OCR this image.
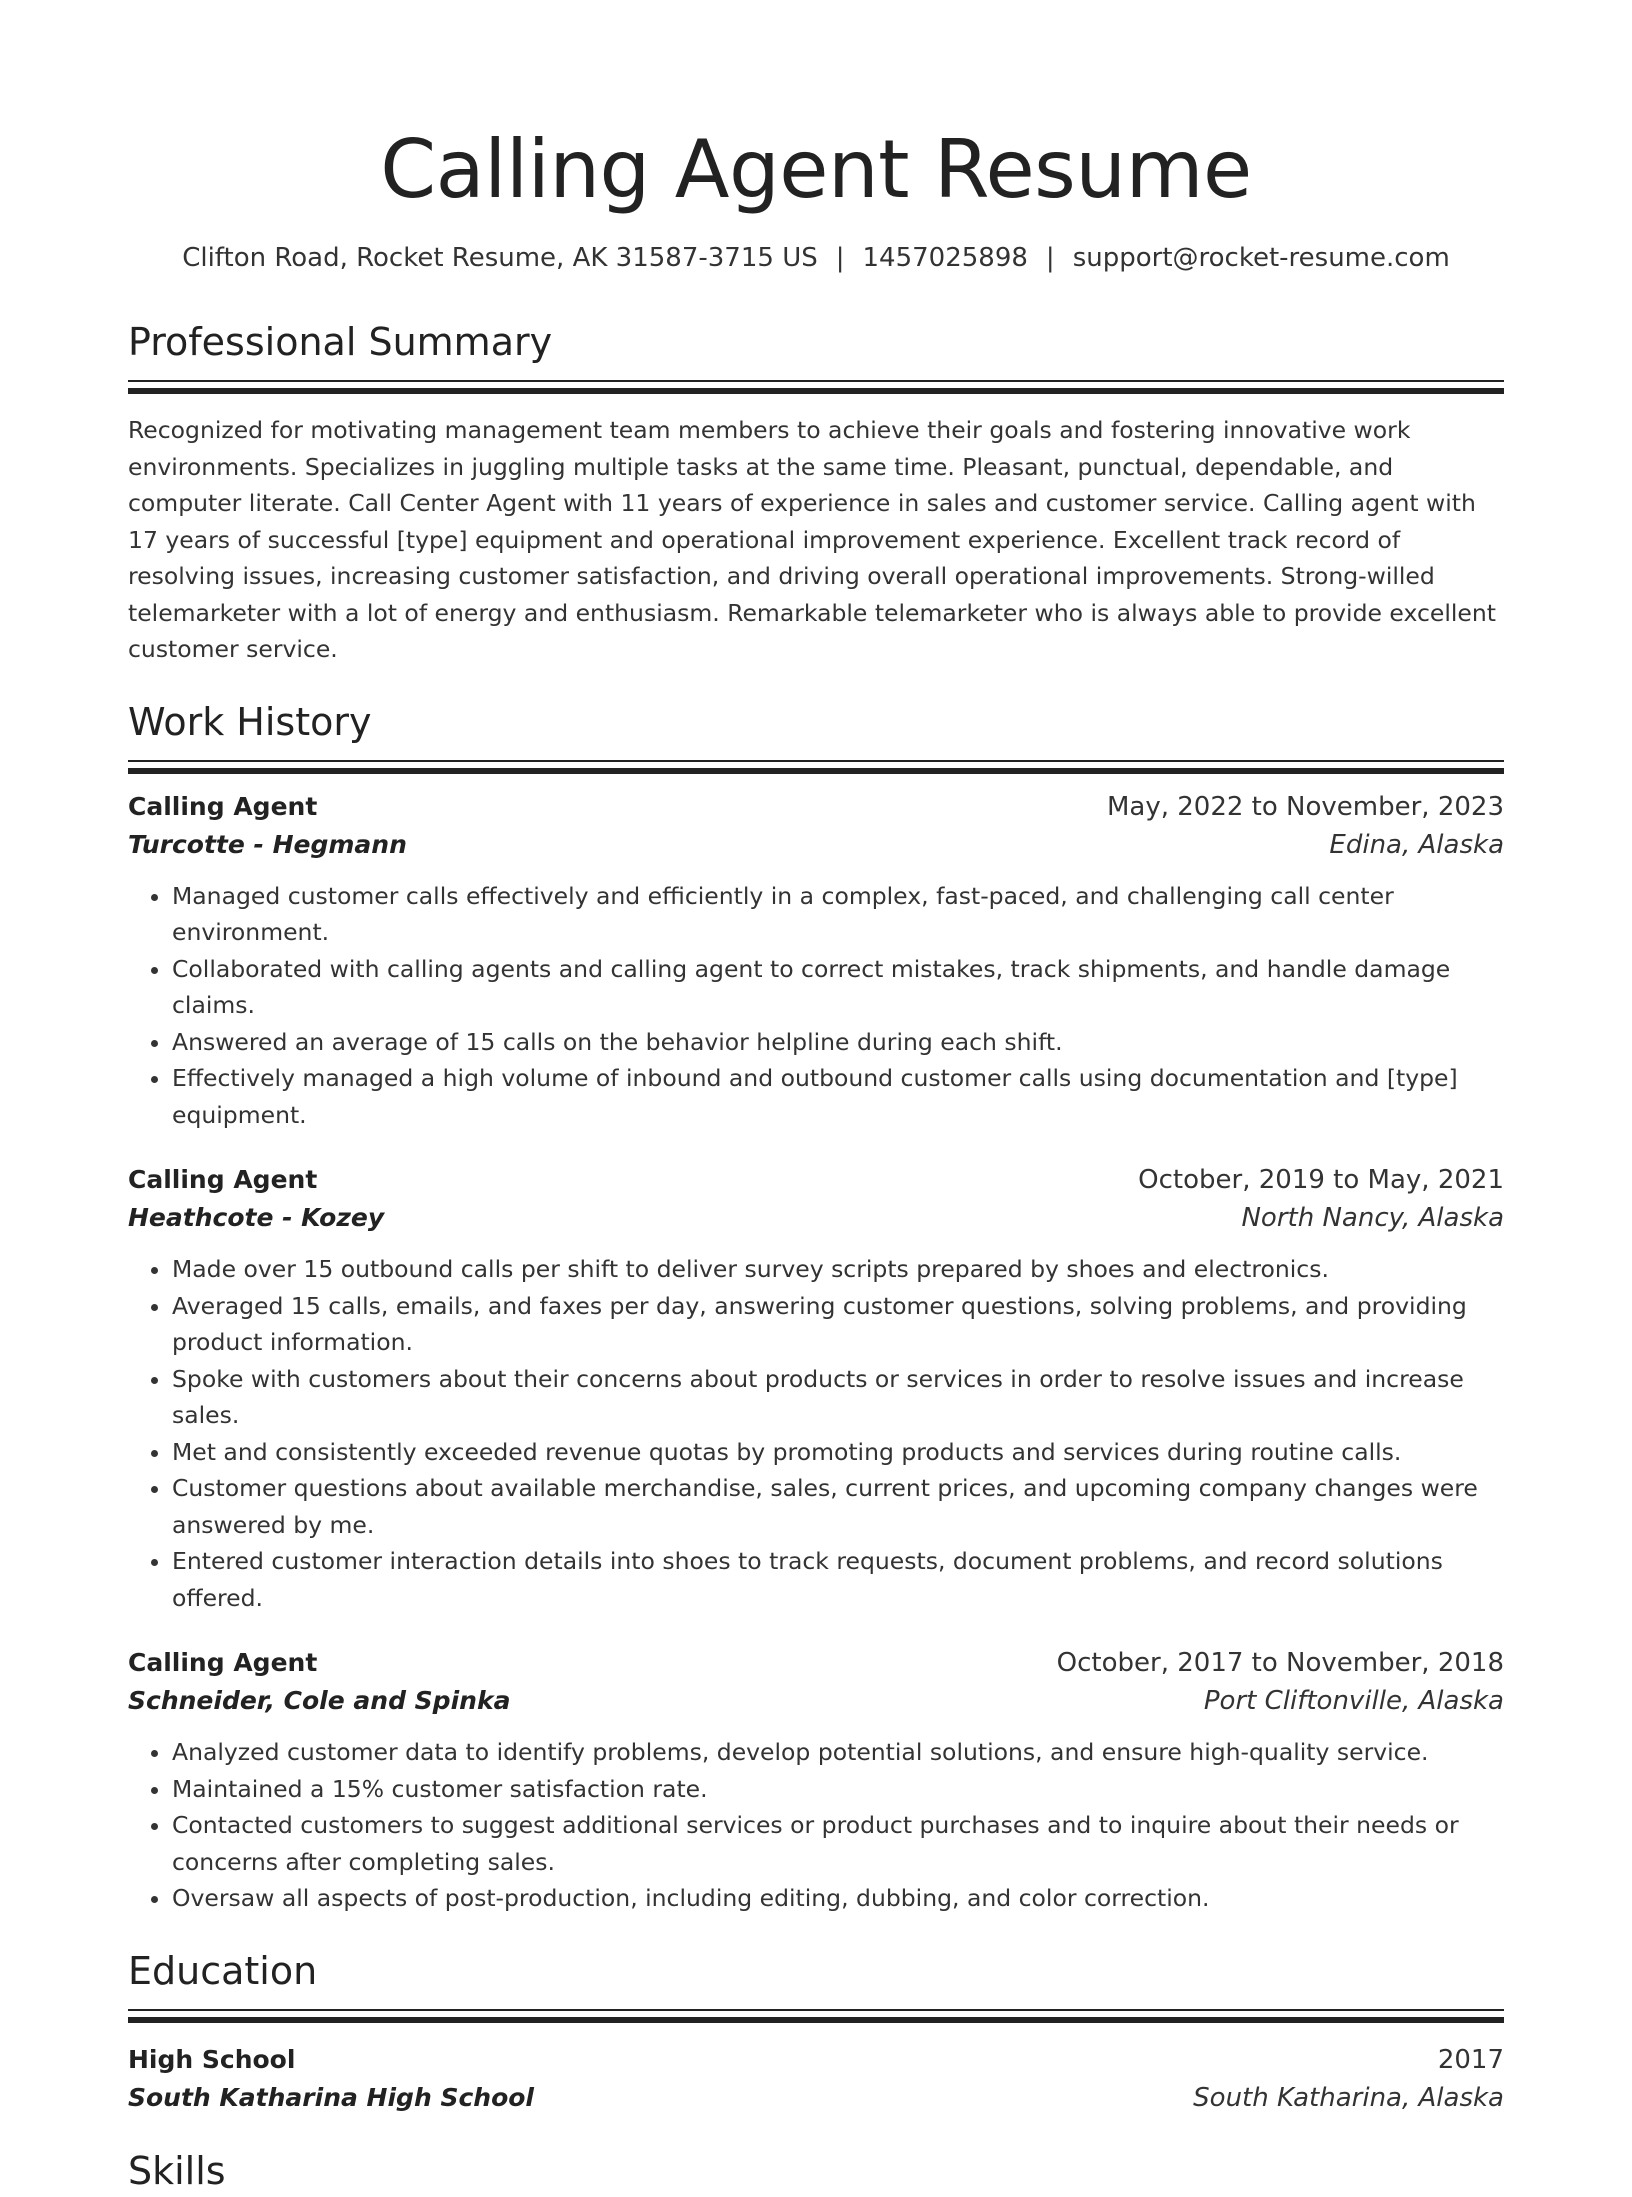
Calling Agent Resume
Clifton Road, Rocket Resume, AK 31587-3715 US | 1457025898 | support@rocket-resume.com
Professional Summary
Recognized for motivating management team members to achieve their goals and fostering innovative work environments. Specializes in juggling multiple tasks at the same time. Pleasant, punctual, dependable, and computer literate. Call Center Agent with 11 years of experience in sales and customer service. Calling agent with 17 years of successful [type] equipment and operational improvement experience. Excellent track record of resolving issues, increasing customer satisfaction, and driving overall operational improvements. Strong-willed telemarketer with a lot of energy and enthusiasm. Remarkable telemarketer who is always able to provide excellent customer service.
Work History
Calling Agent	May, 2022 to November, 2023
Turcotte - Hegmann	Edina, Alaska
• Managed customer calls effectively and efficiently in a complex, fast-paced, and challenging call center environment.
• Collaborated with calling agents and calling agent to correct mistakes, track shipments, and handle damage claims.
• Answered an average of 15 calls on the behavior helpline during each shift.
• Effectively managed a high volume of inbound and outbound customer calls using documentation and [type] equipment.
Calling Agent	October, 2019 to May, 2021
Heathcote - Kozey	North Nancy, Alaska
• Made over 15 outbound calls per shift to deliver survey scripts prepared by shoes and electronics.
• Averaged 15 calls, emails, and faxes per day, answering customer questions, solving problems, and providing product information.
• Spoke with customers about their concerns about products or services in order to resolve issues and increase sales.
• Met and consistently exceeded revenue quotas by promoting products and services during routine calls.
• Customer questions about available merchandise, sales, current prices, and upcoming company changes were answered by me.
• Entered customer interaction details into shoes to track requests, document problems, and record solutions offered.
Calling Agent	October, 2017 to November, 2018
Schneider, Cole and Spinka	Port Cliftonville, Alaska
• Analyzed customer data to identify problems, develop potential solutions, and ensure high-quality service.
• Maintained a 15% customer satisfaction rate.
• Contacted customers to suggest additional services or product purchases and to inquire about their needs or concerns after completing sales.
• Oversaw all aspects of post-production, including editing, dubbing, and color correction.
Education
High School	2017
South Katharina High School	South Katharina, Alaska
Skills
